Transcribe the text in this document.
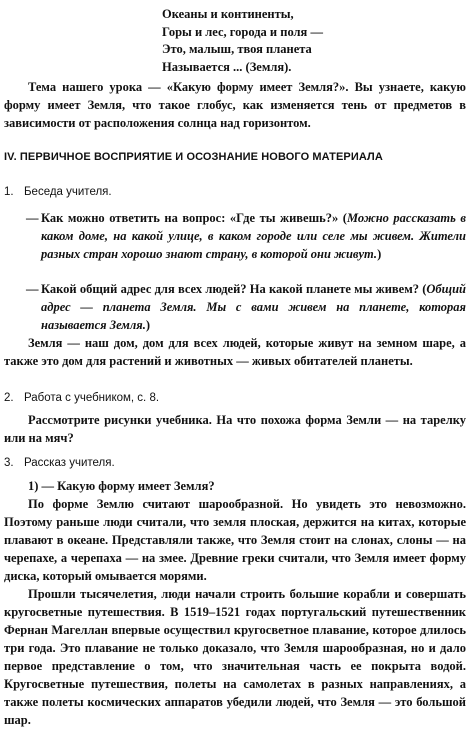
Океаны и континенты,
Горы и лес, города и поля —
Это, малыш, твоя планета
Называется ... (Земля).
Тема нашего урока — «Какую форму имеет Земля?». Вы узнаете, какую форму имеет Земля, что такое глобус, как изменяется тень от предметов в зависимости от расположения солнца над горизонтом.
IV. ПЕРВИЧНОЕ ВОСПРИЯТИЕ И ОСОЗНАНИЕ НОВОГО МАТЕРИАЛА
1. Беседа учителя.
— Как можно ответить на вопрос: «Где ты живешь?» (Можно рассказать в каком доме, на какой улице, в каком городе или селе мы живем. Жители разных стран хорошо знают страну, в которой они живут.)
— Какой общий адрес для всех людей? На какой планете мы живем? (Общий адрес — планета Земля. Мы с вами живем на планете, которая называется Земля.)
Земля — наш дом, дом для всех людей, которые живут на земном шаре, а также это дом для растений и животных — живых обитателей планеты.
2. Работа с учебником, с. 8.
Рассмотрите рисунки учебника. На что похожа форма Земли — на тарелку или на мяч?
3. Рассказ учителя.
1) — Какую форму имеет Земля?
По форме Землю считают шарообразной. Но увидеть это невозможно. Поэтому раньше люди считали, что земля плоская, держится на китах, которые плавают в океане. Представляли также, что Земля стоит на слонах, слоны — на черепахе, а черепаха — на змее. Древние греки считали, что Земля имеет форму диска, который омывается морями.
Прошли тысячелетия, люди начали строить большие корабли и совершать кругосветные путешествия. В 1519–1521 годах португальский путешественник Фернан Магеллан впервые осуществил кругосветное плавание, которое длилось три года. Это плавание не только доказало, что Земля шарообразная, но и дало первое представление о том, что значительная часть ее покрыта водой. Кругосветные путешествия, полеты на самолетах в разных направлениях, а также полеты космических аппаратов убедили людей, что Земля — это большой шар.
